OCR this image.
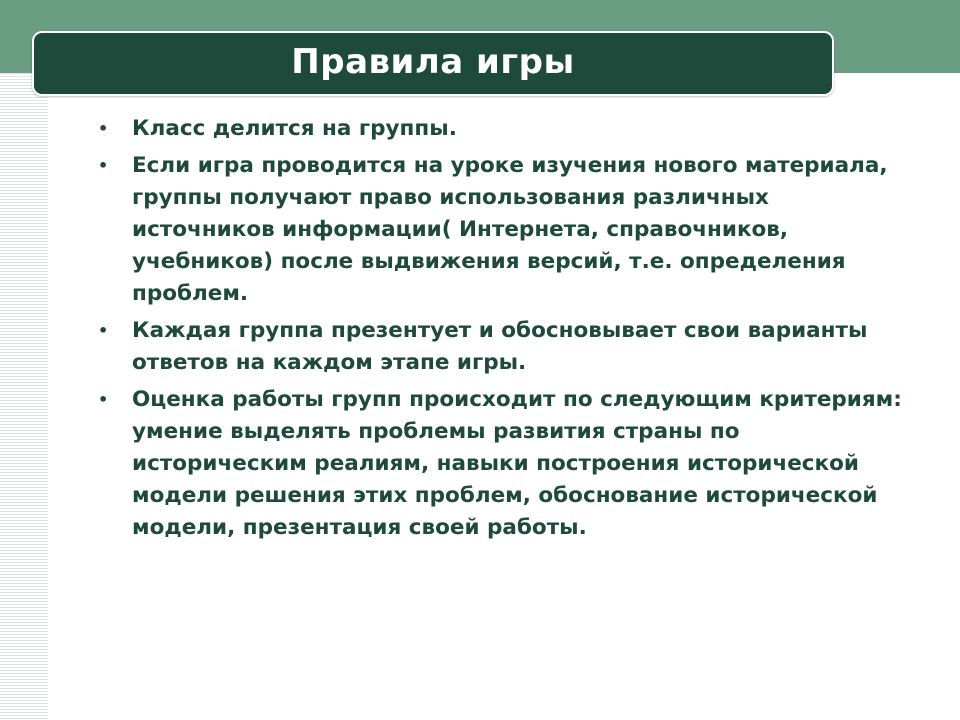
Правила игры
• Класс делится на группы.
• Если игра проводится на уроке изучения нового материала, группы получают право использования различных источников информации( Интернета, справочников, учебников) после выдвижения версий, т.е. определения проблем.
• Каждая группа презентует и обосновывает свои варианты ответов на каждом этапе игры.
• Оценка работы групп происходит по следующим критериям: умение выделять проблемы развития страны по историческим реалиям, навыки построения исторической модели решения этих проблем, обоснование исторической модели, презентация своей работы.
